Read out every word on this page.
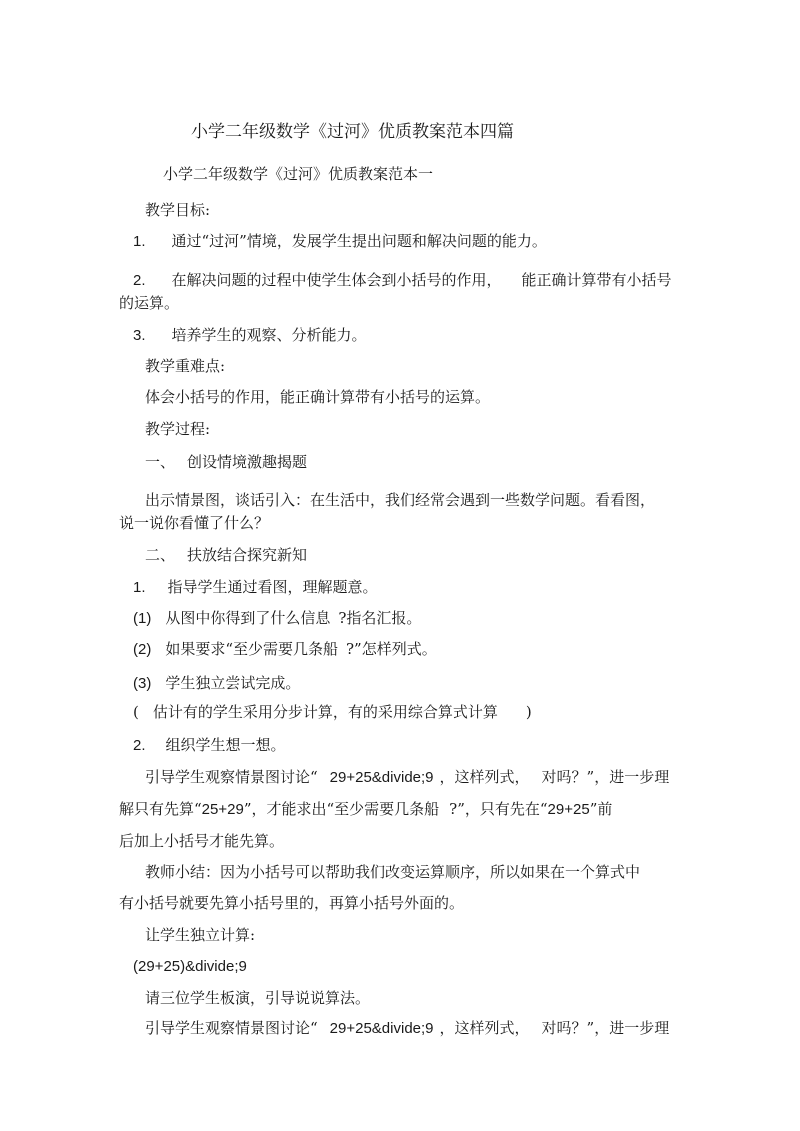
小学二年级数学《过河》优质教案范本四篇
小学二年级数学《过河》优质教案范本一
教学目标:
1. 通过“过河”情境，发展学生提出问题和解决问题的能力。
2. 在解决问题的过程中使学生体会到小括号的作用， 能正确计算带有小括号
的运算。
3. 培养学生的观察、分析能力。
教学重难点:
体会小括号的作用，能正确计算带有小括号的运算。
教学过程:
一、 创设情境激趣揭题
出示情景图，谈话引入：在生活中，我们经常会遇到一些数学问题。看看图，
说一说你看懂了什么？
二、 扶放结合探究新知
1. 指导学生通过看图，理解题意。
(1) 从图中你得到了什么信息 ?指名汇报。
(2) 如果要求“至少需要几条船 ?”怎样列式。
(3) 学生独立尝试完成。
( 估计有的学生采用分步计算，有的采用综合算式计算 )
2. 组织学生想一想。
引导学生观察情景图讨论“ 29+25&divide;9 ，这样列式， 对吗？”，进一步理
解只有先算“25+29”，才能求出“至少需要几条船 ?”，只有先在“29+25”前
后加上小括号才能先算。
教师小结：因为小括号可以帮助我们改变运算顺序，所以如果在一个算式中
有小括号就要先算小括号里的，再算小括号外面的。
让学生独立计算:
(29+25)&divide;9
请三位学生板演，引导说说算法。
引导学生观察情景图讨论“ 29+25&divide;9 ，这样列式， 对吗？”，进一步理
